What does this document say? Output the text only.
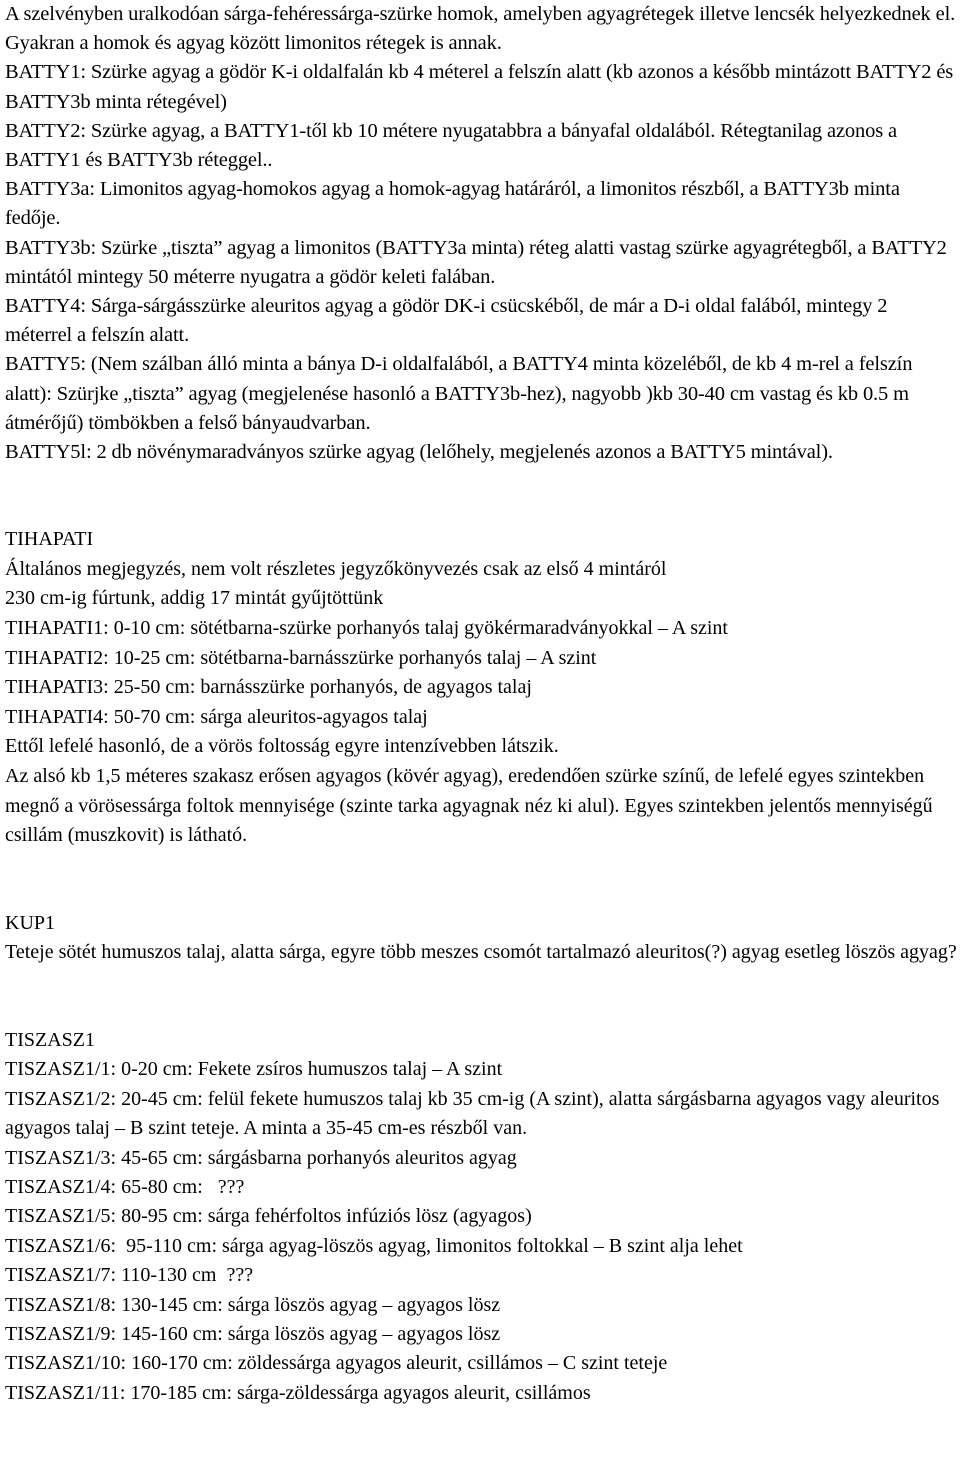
A szelvényben uralkodóan sárga-fehéressárga-szürke homok, amelyben agyagrétegek illetve lencsék helyezkednek el. Gyakran a homok és agyag között limonitos rétegek is annak.

BATTY1: Szürke agyag a gödör K-i oldalfalán kb 4 méterel a felszín alatt (kb azonos a később mintázott BATTY2 és BATTY3b minta rétegével)

BATTY2: Szürke agyag, a BATTY1-től kb 10 métere nyugatabbra a bányafal oldalából. Rétegtanilag azonos a BATTY1 és BATTY3b réteggel..

BATTY3a: Limonitos agyag-homokos agyag a homok-agyag határáról, a limonitos részből, a BATTY3b minta fedője.

BATTY3b: Szürke „tiszta” agyag a limonitos (BATTY3a minta) réteg alatti vastag szürke agyagrétegből, a BATTY2 mintától mintegy 50 méterre nyugatra a gödör keleti falában.

BATTY4: Sárga-sárgásszürke aleuritos agyag a gödör DK-i csücskéből, de már a D-i oldal falából, mintegy 2 méterrel a felszín alatt.

BATTY5: (Nem szálban álló minta a bánya D-i oldalfalából, a BATTY4 minta közeléből, de kb 4 m-rel a felszín alatt): Szürjke „tiszta” agyag (megjelenése hasonló a BATTY3b-hez), nagyobb )kb 30-40 cm vastag és kb 0.5 m átmérőjű) tömbökben a felső bányaudvarban.

BATTY5l: 2 db növénymaradványos szürke agyag (lelőhely, megjelenés azonos a BATTY5 mintával).

TIHAPATI

Általános megjegyzés, nem volt részletes jegyzőkönyvezés csak az első 4 mintáról

230 cm-ig fúrtunk, addig 17 mintát gyűjtöttünk

TIHAPATI1: 0-10 cm: sötétbarna-szürke porhanyós talaj gyökérmaradványokkal – A szint

TIHAPATI2: 10-25 cm: sötétbarna-barnásszürke porhanyós talaj – A szint

TIHAPATI3: 25-50 cm: barnásszürke porhanyós, de agyagos talaj

TIHAPATI4: 50-70 cm: sárga aleuritos-agyagos talaj

Ettől lefelé hasonló, de a vörös foltosság egyre intenzívebben látszik.

Az alsó kb 1,5 méteres szakasz erősen agyagos (kövér agyag), eredendően szürke színű, de lefelé egyes szintekben megnő a vörösessárga foltok mennyisége (szinte tarka agyagnak néz ki alul). Egyes szintekben jelentős mennyiségű csillám (muszkovit) is látható.

KUP1

Teteje sötét humuszos talaj, alatta sárga, egyre több meszes csomót tartalmazó aleuritos(?) agyag esetleg löszös agyag?

TISZASZ1

TISZASZ1/1: 0-20 cm: Fekete zsíros humuszos talaj – A szint

TISZASZ1/2: 20-45 cm: felül fekete humuszos talaj kb 35 cm-ig (A szint), alatta sárgásbarna agyagos vagy aleuritos agyagos talaj – B szint teteje. A minta a 35-45 cm-es részből van.

TISZASZ1/3: 45-65 cm: sárgásbarna porhanyós aleuritos agyag

TISZASZ1/4: 65-80 cm:   ???

TISZASZ1/5: 80-95 cm: sárga fehérfoltos infúziós lösz (agyagos)

TISZASZ1/6:  95-110 cm: sárga agyag-löszös agyag, limonitos foltokkal – B szint alja lehet

TISZASZ1/7: 110-130 cm  ???

TISZASZ1/8: 130-145 cm: sárga löszös agyag – agyagos lösz

TISZASZ1/9: 145-160 cm: sárga löszös agyag – agyagos lösz

TISZASZ1/10: 160-170 cm: zöldessárga agyagos aleurit, csillámos – C szint teteje

TISZASZ1/11: 170-185 cm: sárga-zöldessárga agyagos aleurit, csillámos
